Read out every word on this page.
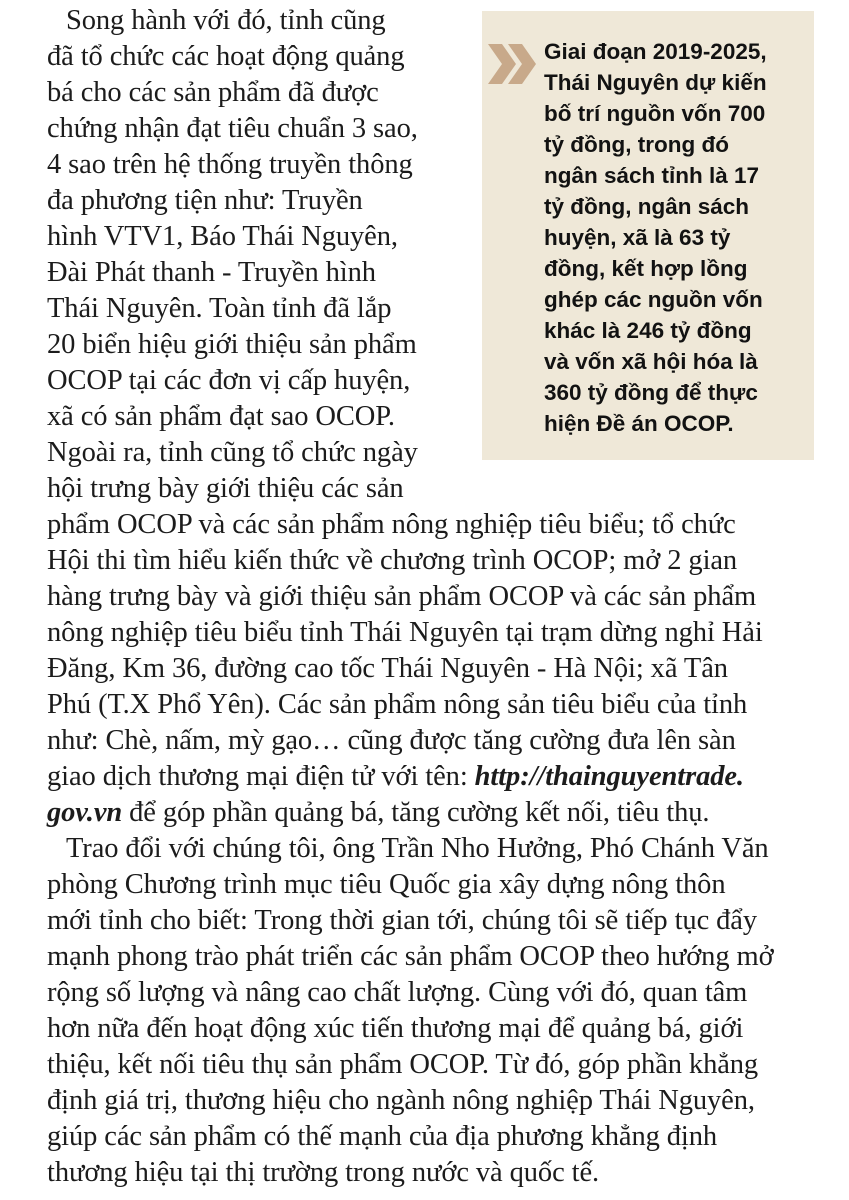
Giai đoạn 2019-2025,
Thái Nguyên dự kiến
bố trí nguồn vốn 700
tỷ đồng, trong đó
ngân sách tỉnh là 17
tỷ đồng, ngân sách
huyện, xã là 63 tỷ
đồng, kết hợp lồng
ghép các nguồn vốn
khác là 246 tỷ đồng
và vốn xã hội hóa là
360 tỷ đồng để thực
hiện Đề án OCOP.
Song hành với đó, tỉnh cũng
đã tổ chức các hoạt động quảng
bá cho các sản phẩm đã được
chứng nhận đạt tiêu chuẩn 3 sao,
4 sao trên hệ thống truyền thông
đa phương tiện như: Truyền
hình VTV1, Báo Thái Nguyên,
Đài Phát thanh - Truyền hình
Thái Nguyên. Toàn tỉnh đã lắp
20 biển hiệu giới thiệu sản phẩm
OCOP tại các đơn vị cấp huyện,
xã có sản phẩm đạt sao OCOP.
Ngoài ra, tỉnh cũng tổ chức ngày
hội trưng bày giới thiệu các sản
phẩm OCOP và các sản phẩm nông nghiệp tiêu biểu; tổ chức
Hội thi tìm hiểu kiến thức về chương trình OCOP; mở 2 gian
hàng trưng bày và giới thiệu sản phẩm OCOP và các sản phẩm
nông nghiệp tiêu biểu tỉnh Thái Nguyên tại trạm dừng nghỉ Hải
Đăng, Km 36, đường cao tốc Thái Nguyên - Hà Nội; xã Tân
Phú (T.X Phổ Yên). Các sản phẩm nông sản tiêu biểu của tỉnh
như: Chè, nấm, mỳ gạo… cũng được tăng cường đưa lên sàn
giao dịch thương mại điện tử với tên: http://thainguyentrade.
gov.vn để góp phần quảng bá, tăng cường kết nối, tiêu thụ.
Trao đổi với chúng tôi, ông Trần Nho Hưởng, Phó Chánh Văn
phòng Chương trình mục tiêu Quốc gia xây dựng nông thôn
mới tỉnh cho biết: Trong thời gian tới, chúng tôi sẽ tiếp tục đẩy
mạnh phong trào phát triển các sản phẩm OCOP theo hướng mở
rộng số lượng và nâng cao chất lượng. Cùng với đó, quan tâm
hơn nữa đến hoạt động xúc tiến thương mại để quảng bá, giới
thiệu, kết nối tiêu thụ sản phẩm OCOP. Từ đó, góp phần khẳng
định giá trị, thương hiệu cho ngành nông nghiệp Thái Nguyên,
giúp các sản phẩm có thế mạnh của địa phương khẳng định
thương hiệu tại thị trường trong nước và quốc tế.
